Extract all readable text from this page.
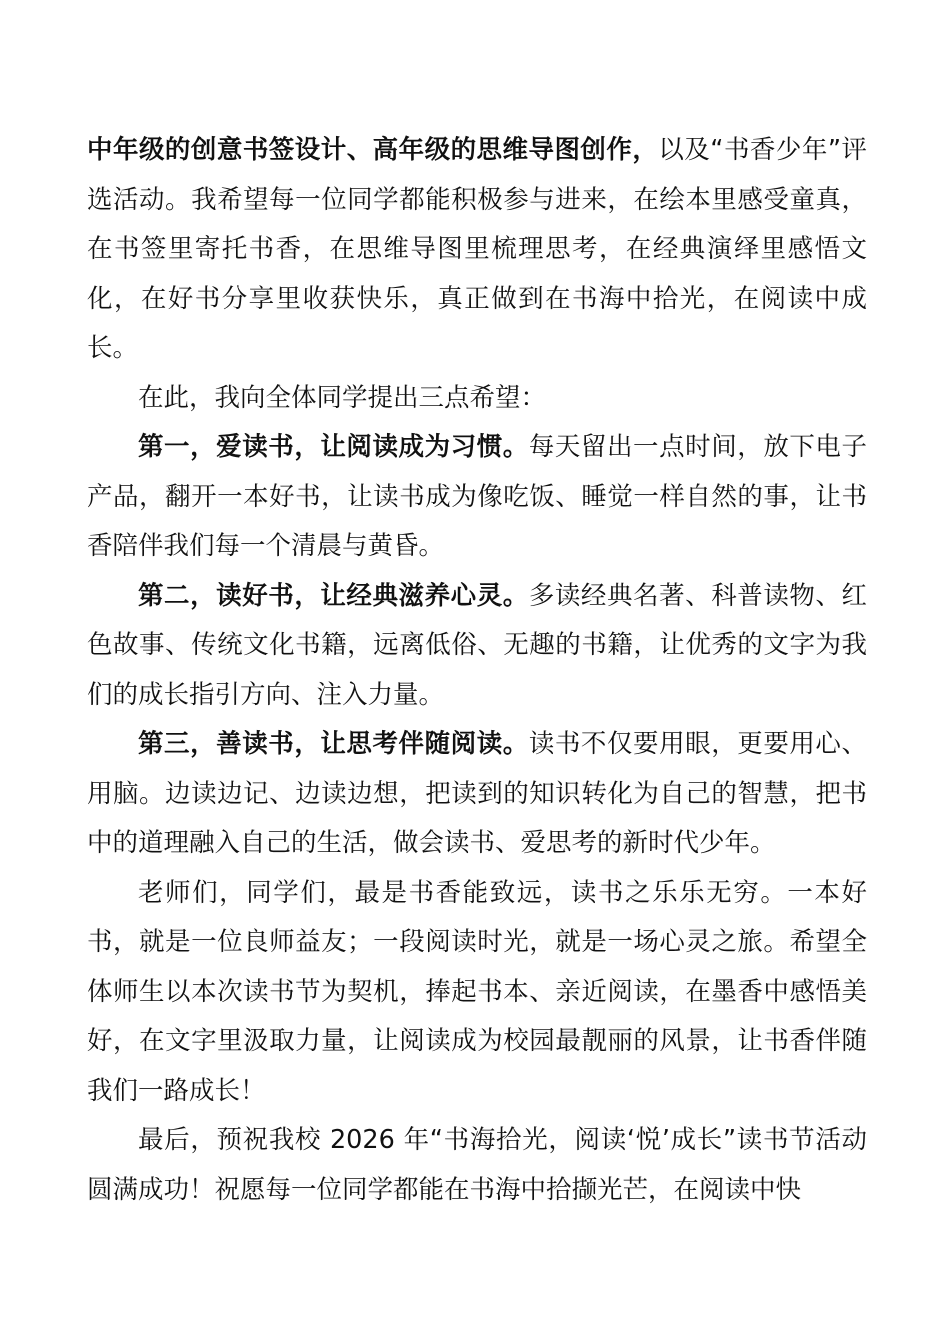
中年级的创意书签设计、高年级的思维导图创作，以及“书香少年”评选活动。我希望每一位同学都能积极参与进来，在绘本里感受童真，在书签里寄托书香，在思维导图里梳理思考，在经典演绎里感悟文化，在好书分享里收获快乐，真正做到在书海中拾光，在阅读中成长。

在此，我向全体同学提出三点希望：

第一，爱读书，让阅读成为习惯。每天留出一点时间，放下电子产品，翻开一本好书，让读书成为像吃饭、睡觉一样自然的事，让书香陪伴我们每一个清晨与黄昏。

第二，读好书，让经典滋养心灵。多读经典名著、科普读物、红色故事、传统文化书籍，远离低俗、无趣的书籍，让优秀的文字为我们的成长指引方向、注入力量。

第三，善读书，让思考伴随阅读。读书不仅要用眼，更要用心、用脑。边读边记、边读边想，把读到的知识转化为自己的智慧，把书中的道理融入自己的生活，做会读书、爱思考的新时代少年。

老师们，同学们，最是书香能致远，读书之乐乐无穷。一本好书，就是一位良师益友；一段阅读时光，就是一场心灵之旅。希望全体师生以本次读书节为契机，捧起书本、亲近阅读，在墨香中感悟美好，在文字里汲取力量，让阅读成为校园最靓丽的风景，让书香伴随我们一路成长！

最后，预祝我校 2026 年“书海拾光，阅读‘悦’成长”读书节活动圆满成功！祝愿每一位同学都能在书海中拾撷光芒，在阅读中快
